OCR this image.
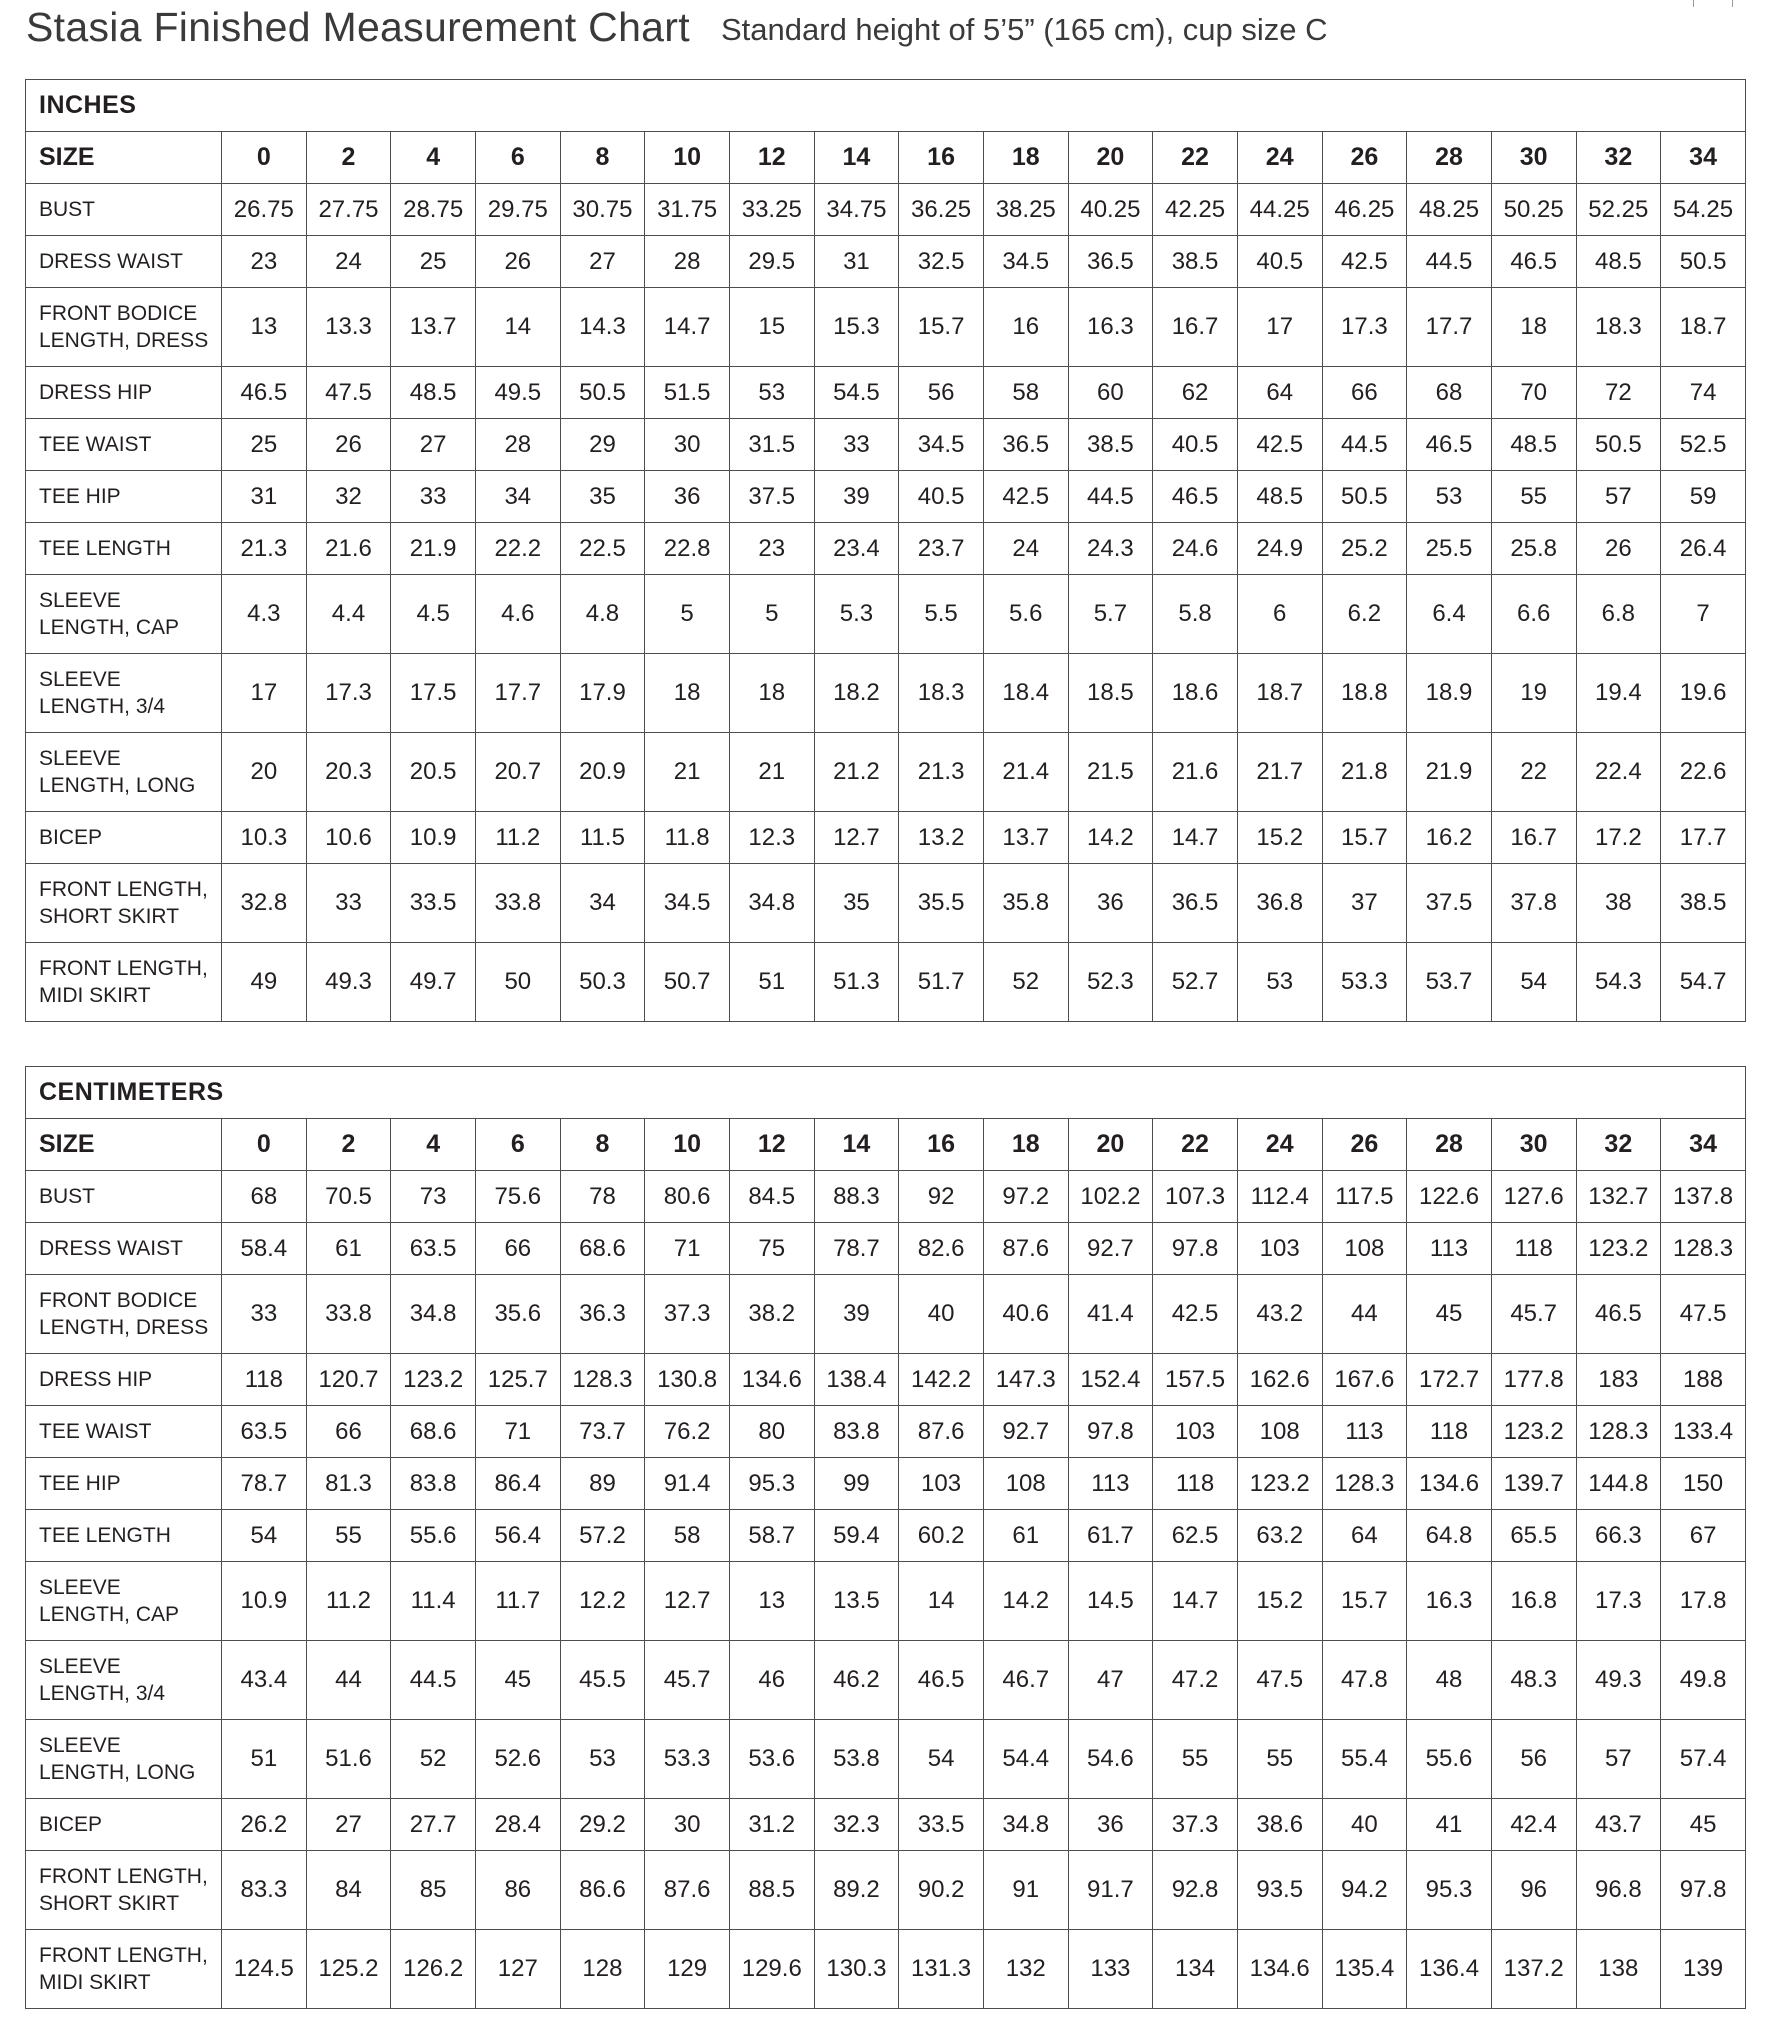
Stasia Finished Measurement Chart Standard height of 5’5” (165 cm), cup size C
INCHES																		
SIZE	0	2	4	6	8	10	12	14	16	18	20	22	24	26	28	30	32	34

BUST	26.75	27.75	28.75	29.75	30.75	31.75	33.25	34.75	36.25	38.25	40.25	42.25	44.25	46.25	48.25	50.25	52.25	54.25

DRESS WAIST	23	24	25	26	27	28	29.5	31	32.5	34.5	36.5	38.5	40.5	42.5	44.5	46.5	48.5	50.5

FRONT BODICE
LENGTH, DRESS	13	13.3	13.7	14	14.3	14.7	15	15.3	15.7	16	16.3	16.7	17	17.3	17.7	18	18.3	18.7

DRESS HIP	46.5	47.5	48.5	49.5	50.5	51.5	53	54.5	56	58	60	62	64	66	68	70	72	74

TEE WAIST	25	26	27	28	29	30	31.5	33	34.5	36.5	38.5	40.5	42.5	44.5	46.5	48.5	50.5	52.5

TEE HIP	31	32	33	34	35	36	37.5	39	40.5	42.5	44.5	46.5	48.5	50.5	53	55	57	59

TEE LENGTH	21.3	21.6	21.9	22.2	22.5	22.8	23	23.4	23.7	24	24.3	24.6	24.9	25.2	25.5	25.8	26	26.4

SLEEVE
LENGTH, CAP	4.3	4.4	4.5	4.6	4.8	5	5	5.3	5.5	5.6	5.7	5.8	6	6.2	6.4	6.6	6.8	7

SLEEVE
LENGTH, 3/4	17	17.3	17.5	17.7	17.9	18	18	18.2	18.3	18.4	18.5	18.6	18.7	18.8	18.9	19	19.4	19.6

SLEEVE
LENGTH, LONG	20	20.3	20.5	20.7	20.9	21	21	21.2	21.3	21.4	21.5	21.6	21.7	21.8	21.9	22	22.4	22.6

BICEP	10.3	10.6	10.9	11.2	11.5	11.8	12.3	12.7	13.2	13.7	14.2	14.7	15.2	15.7	16.2	16.7	17.2	17.7

FRONT LENGTH,
SHORT SKIRT	32.8	33	33.5	33.8	34	34.5	34.8	35	35.5	35.8	36	36.5	36.8	37	37.5	37.8	38	38.5

FRONT LENGTH,
MIDI SKIRT	49	49.3	49.7	50	50.3	50.7	51	51.3	51.7	52	52.3	52.7	53	53.3	53.7	54	54.3	54.7
CENTIMETERS																		
SIZE	0	2	4	6	8	10	12	14	16	18	20	22	24	26	28	30	32	34

BUST	68	70.5	73	75.6	78	80.6	84.5	88.3	92	97.2	102.2	107.3	112.4	117.5	122.6	127.6	132.7	137.8

DRESS WAIST	58.4	61	63.5	66	68.6	71	75	78.7	82.6	87.6	92.7	97.8	103	108	113	118	123.2	128.3

FRONT BODICE
LENGTH, DRESS	33	33.8	34.8	35.6	36.3	37.3	38.2	39	40	40.6	41.4	42.5	43.2	44	45	45.7	46.5	47.5

DRESS HIP	118	120.7	123.2	125.7	128.3	130.8	134.6	138.4	142.2	147.3	152.4	157.5	162.6	167.6	172.7	177.8	183	188

TEE WAIST	63.5	66	68.6	71	73.7	76.2	80	83.8	87.6	92.7	97.8	103	108	113	118	123.2	128.3	133.4

TEE HIP	78.7	81.3	83.8	86.4	89	91.4	95.3	99	103	108	113	118	123.2	128.3	134.6	139.7	144.8	150

TEE LENGTH	54	55	55.6	56.4	57.2	58	58.7	59.4	60.2	61	61.7	62.5	63.2	64	64.8	65.5	66.3	67

SLEEVE
LENGTH, CAP	10.9	11.2	11.4	11.7	12.2	12.7	13	13.5	14	14.2	14.5	14.7	15.2	15.7	16.3	16.8	17.3	17.8

SLEEVE
LENGTH, 3/4	43.4	44	44.5	45	45.5	45.7	46	46.2	46.5	46.7	47	47.2	47.5	47.8	48	48.3	49.3	49.8

SLEEVE
LENGTH, LONG	51	51.6	52	52.6	53	53.3	53.6	53.8	54	54.4	54.6	55	55	55.4	55.6	56	57	57.4

BICEP	26.2	27	27.7	28.4	29.2	30	31.2	32.3	33.5	34.8	36	37.3	38.6	40	41	42.4	43.7	45

FRONT LENGTH,
SHORT SKIRT	83.3	84	85	86	86.6	87.6	88.5	89.2	90.2	91	91.7	92.8	93.5	94.2	95.3	96	96.8	97.8

FRONT LENGTH,
MIDI SKIRT	124.5	125.2	126.2	127	128	129	129.6	130.3	131.3	132	133	134	134.6	135.4	136.4	137.2	138	139
